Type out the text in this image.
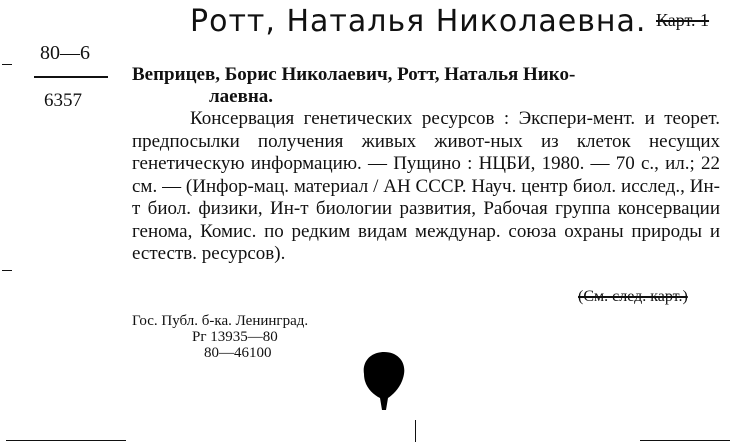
Ротт, Наталья Николаевна. Карт. 1
80—6
6357
Веприцев, Борис Николаевич, Ротт, Наталья Нико-
лаевна.
Консервация генетических ресурсов : Экспери-мент. и теорет. предпосылки получения живых живот-ных из клеток несущих генетическую информацию. — Пущино : НЦБИ, 1980. — 70 с., ил.; 22 см. — (Инфор-мац. материал / АН СССР. Науч. центр биол. исслед., Ин-т биол. физики, Ин-т биологии развития, Рабочая группа консервации генома, Комис. по редким видам междунар. союза охраны природы и естеств. ресурсов).
(См. след. карт.)
Гос. Публ. б-ка. Ленинград.
Рг 13935—80
80—46100
